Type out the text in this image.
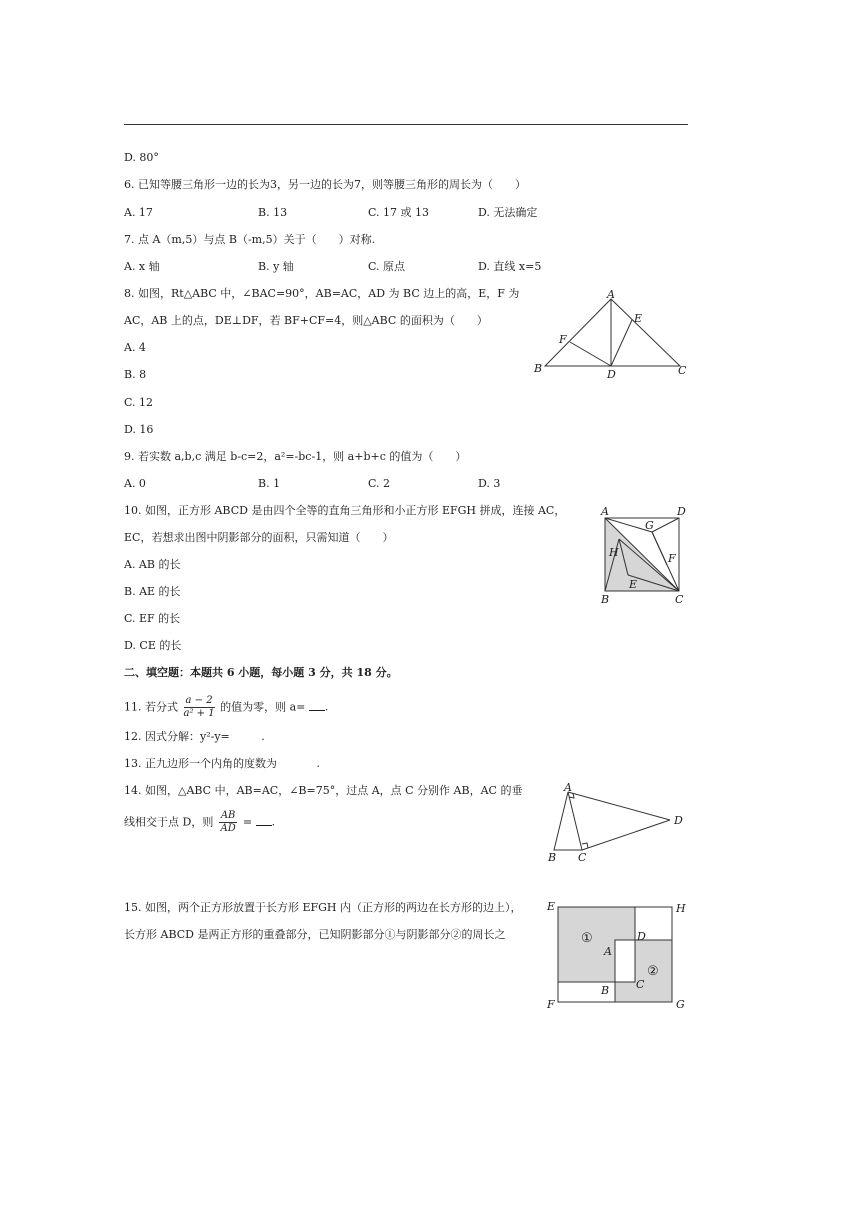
D. 80°
6. 已知等腰三角形一边的长为3，另一边的长为7，则等腰三角形的周长为（　　）
A. 17	B. 13	C. 17 或 13	D. 无法确定
7. 点 A（m,5）与点 B（-m,5）关于（　　）对称.
A. x 轴	B. y 轴	C. 原点	D. 直线 x=5
8. 如图，Rt△ABC 中，∠BAC=90°，AB=AC，AD 为 BC 边上的高，E，F 为
AC，AB 上的点，DE⊥DF，若 BF+CF=4，则△ABC 的面积为（　　）
A. 4
B. 8
C. 12
D. 16
A
B	C
D
E
F
9. 若实数 a,b,c 满足 b-c=2，a²=-bc-1，则 a+b+c 的值为（　　）
A. 0	B. 1	C. 2	D. 3
10. 如图，正方形 ABCD 是由四个全等的直角三角形和小正方形 EFGH 拼成，连接 AC，
EC，若想求出图中阴影部分的面积，只需知道（　　）
A. AB 的长
B. AE 的长
C. EF 的长
D. CE 的长
A	D
G
H	F
E
B	C
二、填空题：本题共 6 小题，每小题 3 分，共 18 分。
11. 若分式 $\frac{a - 2}{\text{a² + 1}}$ 的值为零，则 a= .
12. 因式分解：y²-y=	.
13. 正九边形一个内角的度数为	.
14. 如图，△ABC 中，AB=AC，∠B=75°，过点 A，点 C 分别作 AB，AC 的垂
线相交于点 D，则 $\frac{AB}{AD}$ = .
A
B C
D
15. 如图，两个正方形放置于长方形 EFGH 内（正方形的两边在长方形的边上），
长方形 ABCD 是两正方形的重叠部分，已知阴影部分①与阴影部分②的周长之
E	H
F	G
D
A
C
B
①
②
